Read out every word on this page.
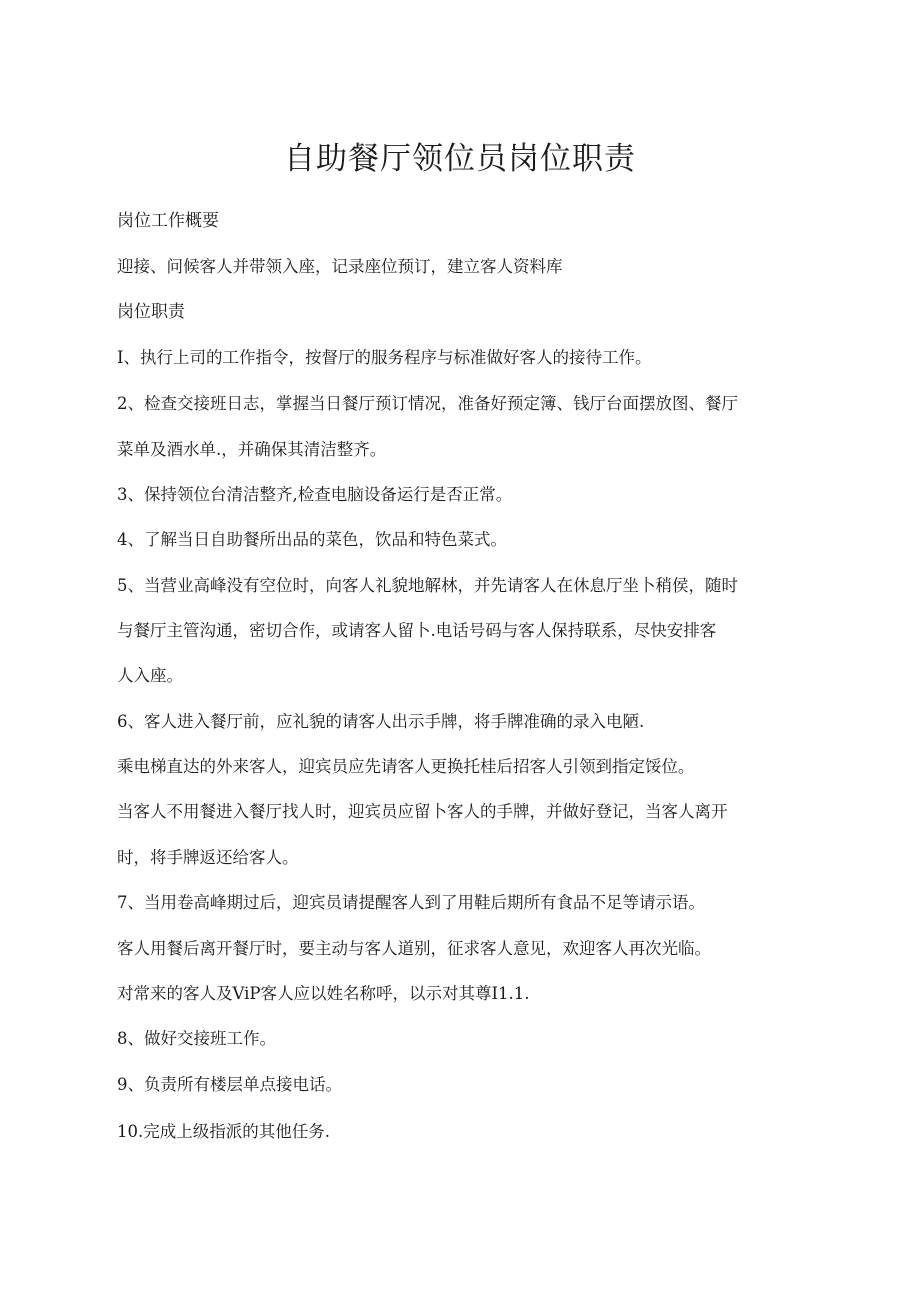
自助餐厅领位员岗位职责

岗位工作概要

迎接、问候客人并带领入座，记录座位预订，建立客人资料库

岗位职责

I、执行上司的工作指令，按督厅的服务程序与标准做好客人的接待工作。

2、检查交接班日志，掌握当日餐厅预订情况，准备好预定簿、钱厅台面摆放图、餐厅

菜单及酒水单.，并确保其清洁整齐。

3、保持领位台清洁整齐,检查电脑设备运行是否正常。

4、了解当日自助餐所出品的菜色，饮品和特色菜式。

5、当营业高峰没有空位时，向客人礼貌地解林，并先请客人在休息厅坐卜稍侯，随时

与餐厅主管沟通，密切合作，或请客人留卜.电话号码与客人保持联系，尽快安排客

人入座。

6、客人进入餐厅前，应礼貌的请客人出示手牌，将手牌准确的录入电陋.

乘电梯直达的外来客人，迎宾员应先请客人更换托桂后招客人引领到指定馁位。

当客人不用餐进入餐厅找人时，迎宾员应留卜客人的手牌，并做好登记，当客人离开

时，将手牌返还给客人。

7、当用卷高峰期过后，迎宾员请提醒客人到了用鞋后期所有食品不足等请示语。

客人用餐后离开餐厅时，要主动与客人道别，征求客人意见，欢迎客人再次光临。

对常来的客人及ViP客人应以姓名称呼，以示对其尊I1.1.

8、做好交接班工作。

9、负责所有楼层单点接电话。

10.完成上级指派的其他任务.
